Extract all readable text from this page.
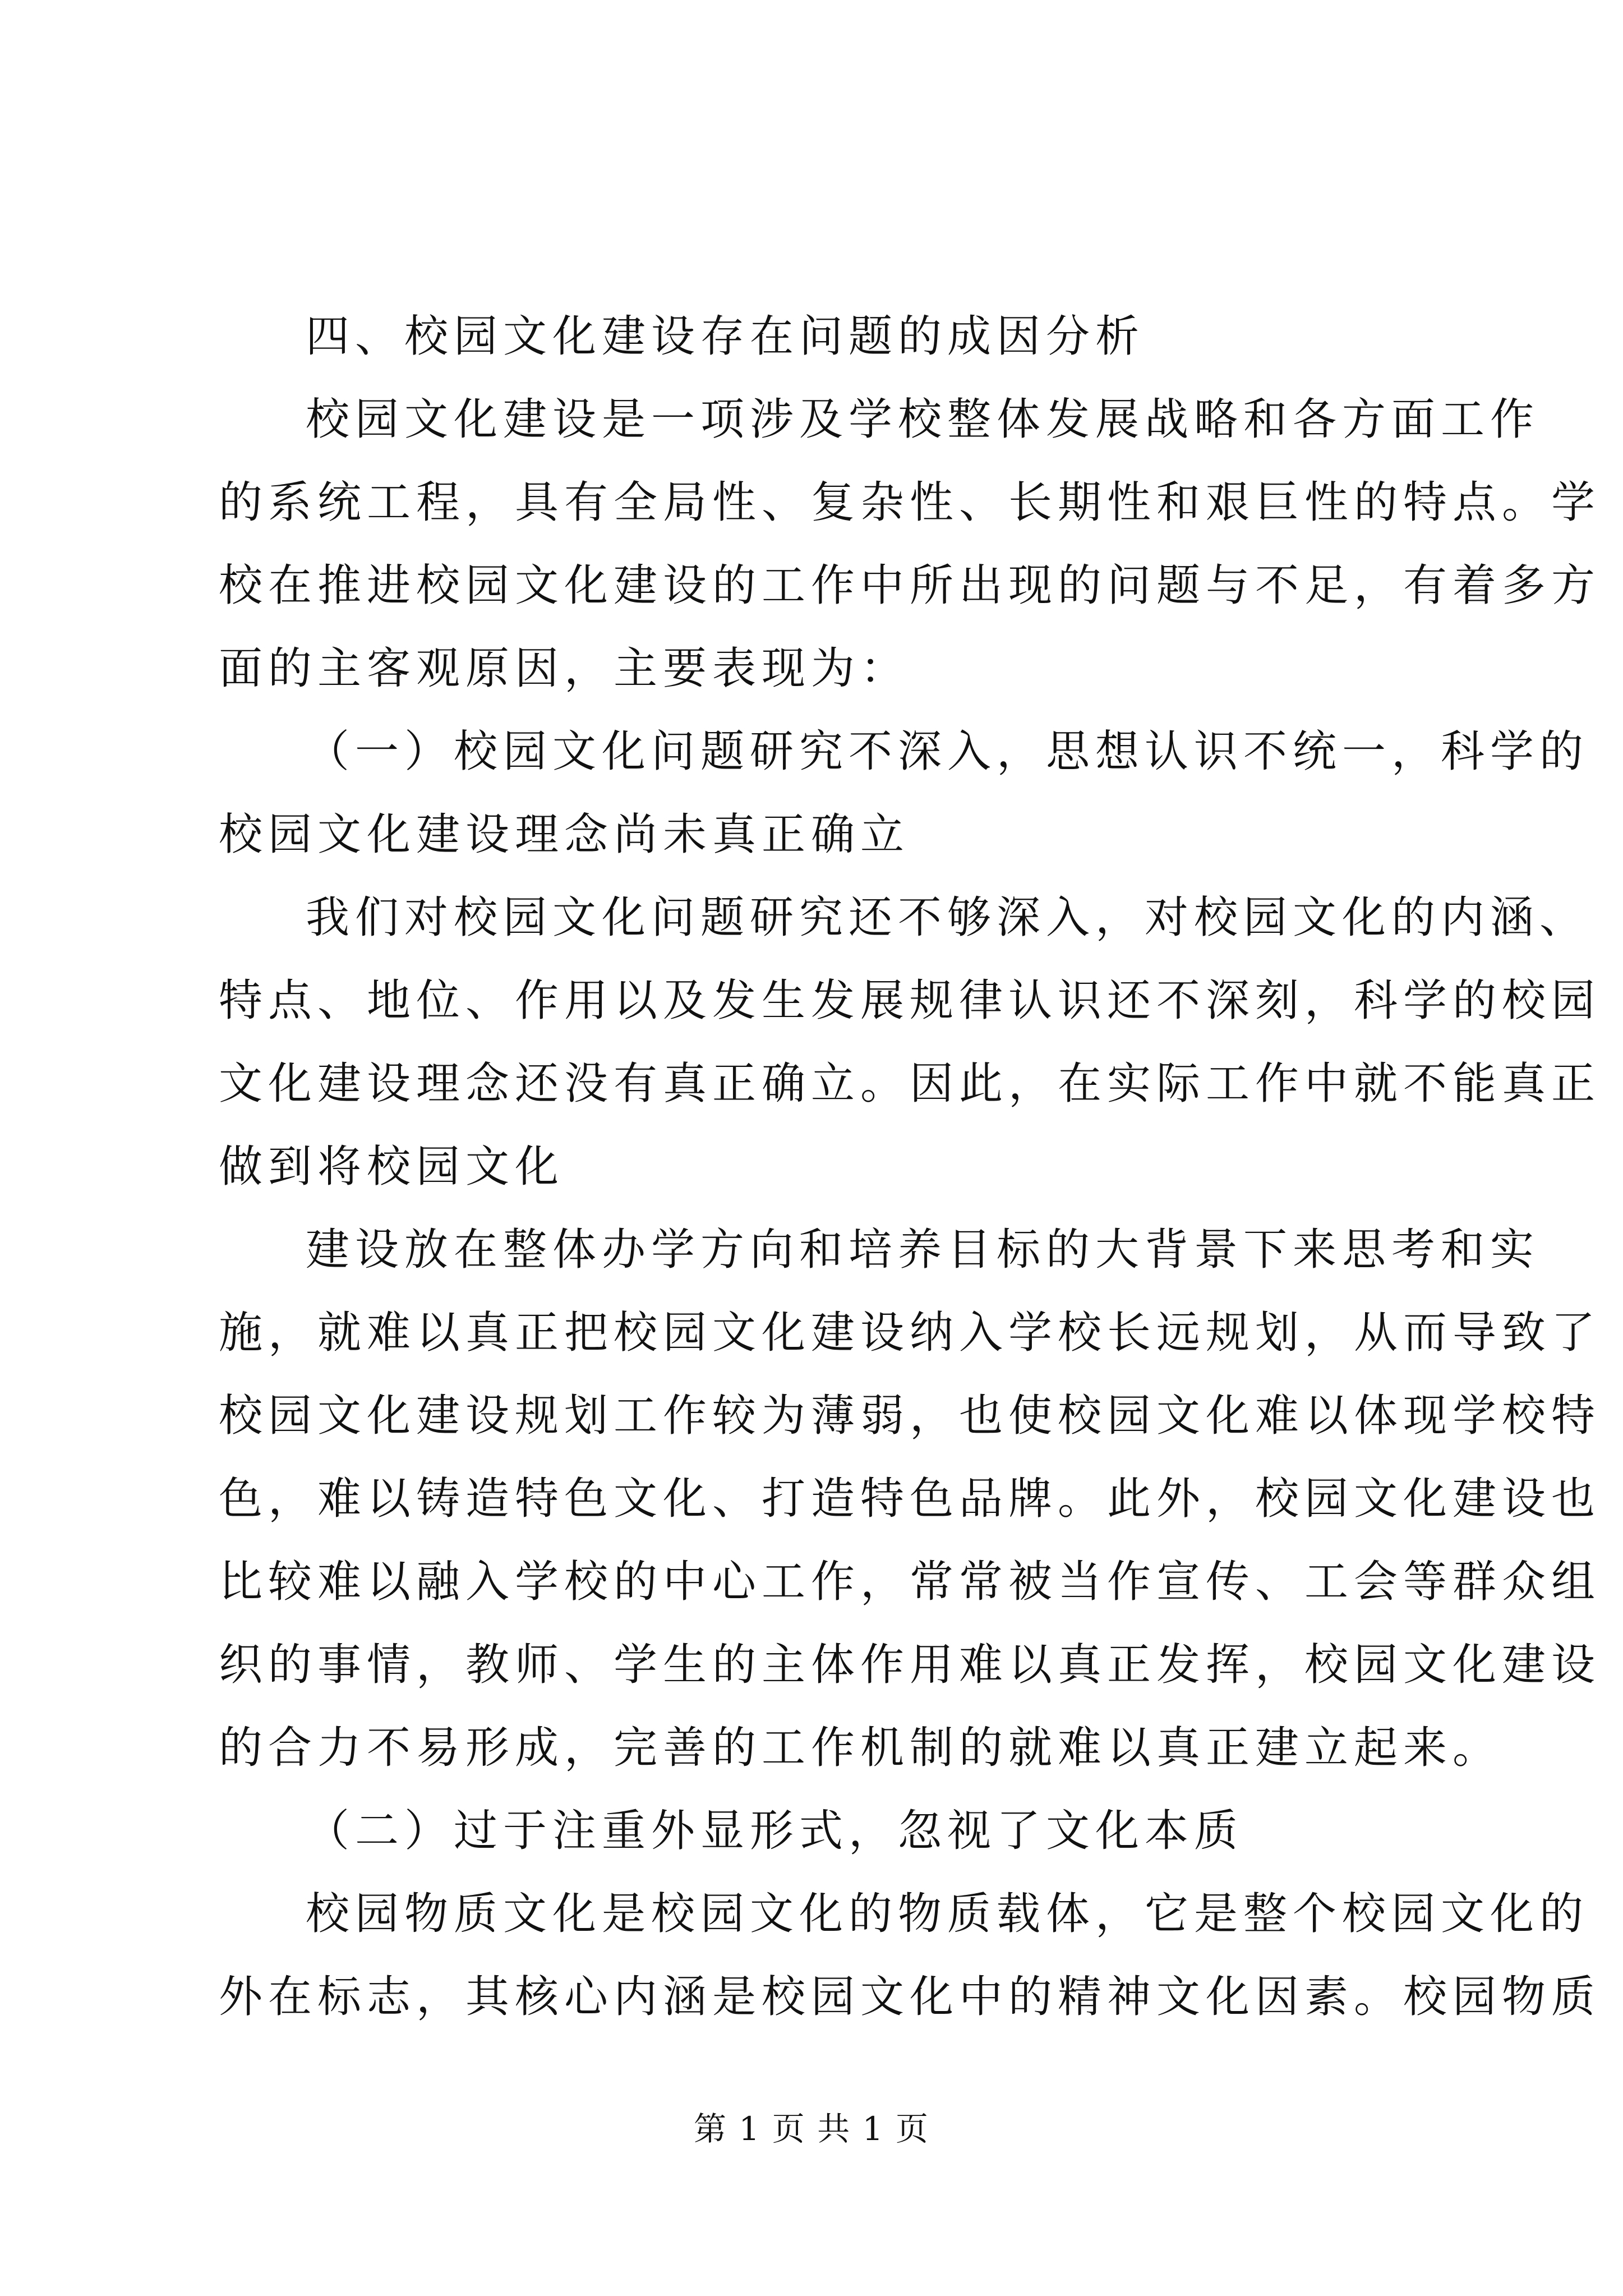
四、校园文化建设存在问题的成因分析
校园文化建设是一项涉及学校整体发展战略和各方面工作
的系统工程，具有全局性、复杂性、长期性和艰巨性的特点。学
校在推进校园文化建设的工作中所出现的问题与不足，有着多方
面的主客观原因，主要表现为：
（一）校园文化问题研究不深入，思想认识不统一，科学的
校园文化建设理念尚未真正确立
我们对校园文化问题研究还不够深入，对校园文化的内涵、
特点、地位、作用以及发生发展规律认识还不深刻，科学的校园
文化建设理念还没有真正确立。因此，在实际工作中就不能真正
做到将校园文化
建设放在整体办学方向和培养目标的大背景下来思考和实
施，就难以真正把校园文化建设纳入学校长远规划，从而导致了
校园文化建设规划工作较为薄弱，也使校园文化难以体现学校特
色，难以铸造特色文化、打造特色品牌。此外，校园文化建设也
比较难以融入学校的中心工作，常常被当作宣传、工会等群众组
织的事情，教师、学生的主体作用难以真正发挥，校园文化建设
的合力不易形成，完善的工作机制的就难以真正建立起来。
（二）过于注重外显形式，忽视了文化本质
校园物质文化是校园文化的物质载体，它是整个校园文化的
外在标志，其核心内涵是校园文化中的精神文化因素。校园物质
第 1 页 共 1 页
